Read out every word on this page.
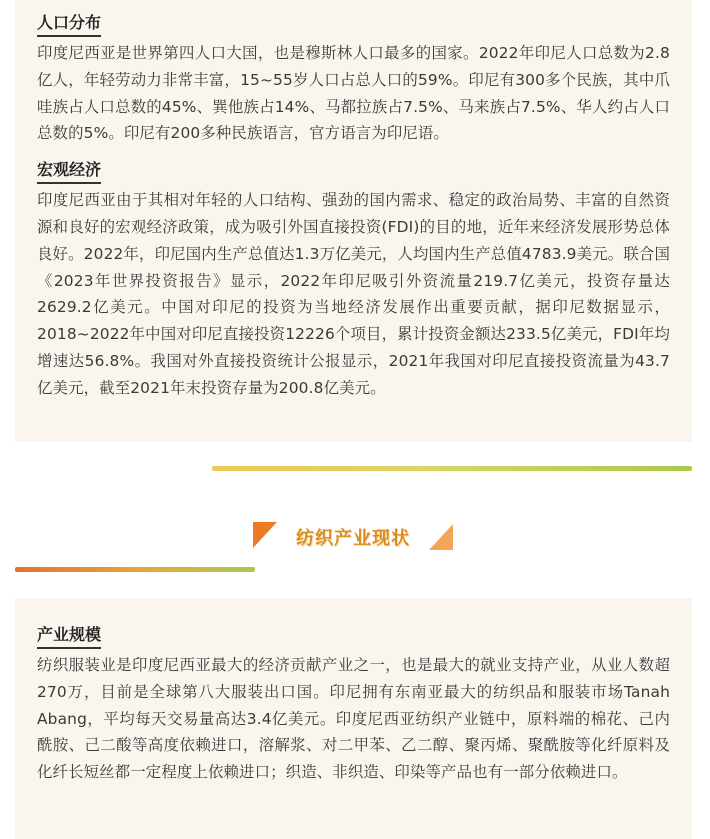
人口分布

印度尼西亚是世界第四人口大国，也是穆斯林人口最多的国家。2022年印尼人口总数为2.8亿人，年轻劳动力非常丰富，15~55岁人口占总人口的59%。印尼有300多个民族，其中爪哇族占人口总数的45%、巽他族占14%、马都拉族占7.5%、马来族占7.5%、华人约占人口总数的5%。印尼有200多种民族语言，官方语言为印尼语。

宏观经济

印度尼西亚由于其相对年轻的人口结构、强劲的国内需求、稳定的政治局势、丰富的自然资源和良好的宏观经济政策，成为吸引外国直接投资(FDI)的目的地，近年来经济发展形势总体良好。2022年，印尼国内生产总值达1.3万亿美元，人均国内生产总值4783.9美元。联合国《2023年世界投资报告》显示，2022年印尼吸引外资流量219.7亿美元，投资存量达2629.2亿美元。中国对印尼的投资为当地经济发展作出重要贡献，据印尼数据显示，2018~2022年中国对印尼直接投资12226个项目，累计投资金额达233.5亿美元，FDI年均增速达56.8%。我国对外直接投资统计公报显示，2021年我国对印尼直接投资流量为43.7亿美元，截至2021年末投资存量为200.8亿美元。

纺织产业现状
产业规模

纺织服装业是印度尼西亚最大的经济贡献产业之一，也是最大的就业支持产业，从业人数超270万，目前是全球第八大服装出口国。印尼拥有东南亚最大的纺织品和服装市场Tanah Abang，平均每天交易量高达3.4亿美元。印度尼西亚纺织产业链中，原料端的棉花、己内酰胺、己二酸等高度依赖进口，溶解浆、对二甲苯、乙二醇、聚丙烯、聚酰胺等化纤原料及化纤长短丝都一定程度上依赖进口；织造、非织造、印染等产品也有一部分依赖进口。
